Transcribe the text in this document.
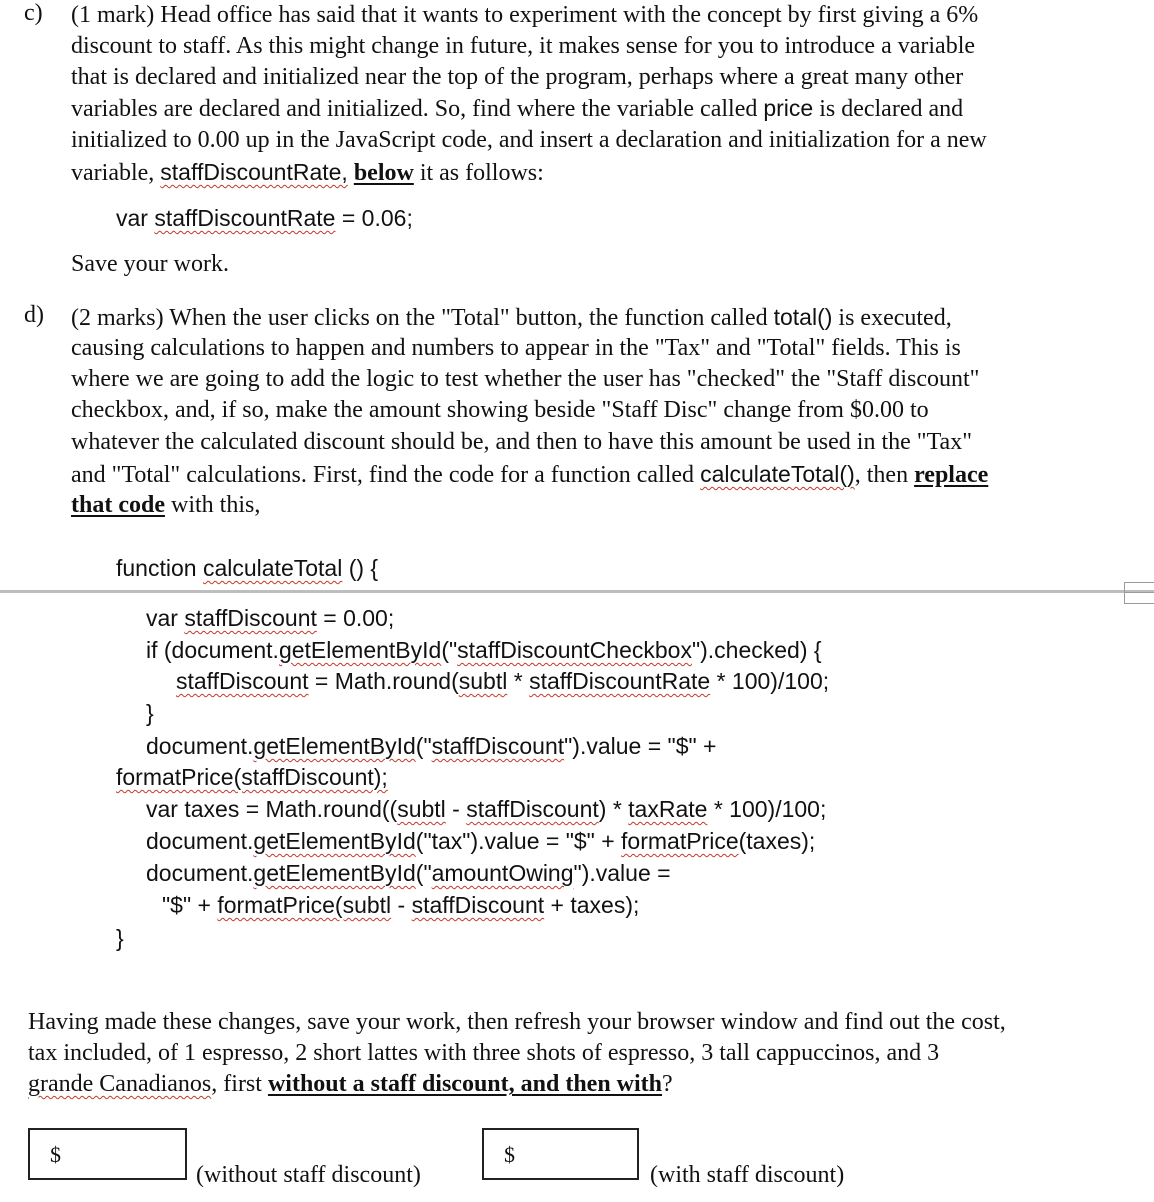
c) (1 mark) Head office has said that it wants to experiment with the concept by first giving a 6%
discount to staff. As this might change in future, it makes sense for you to introduce a variable
that is declared and initialized near the top of the program, perhaps where a great many other
variables are declared and initialized. So, find where the variable called price is declared and
initialized to 0.00 up in the JavaScript code, and insert a declaration and initialization for a new
variable, staffDiscountRate, below it as follows:
var staffDiscountRate = 0.06;
Save your work.
d) (2 marks) When the user clicks on the "Total" button, the function called total() is executed,
causing calculations to happen and numbers to appear in the "Tax" and "Total" fields. This is
where we are going to add the logic to test whether the user has "checked" the "Staff discount"
checkbox, and, if so, make the amount showing beside "Staff Disc" change from $0.00 to
whatever the calculated discount should be, and then to have this amount be used in the "Tax"
and "Total" calculations. First, find the code for a function called calculateTotal(), then replace
that code with this,
function calculateTotal () {
var staffDiscount = 0.00;
if (document.getElementById("staffDiscountCheckbox").checked) {
staffDiscount = Math.round(subtl * staffDiscountRate * 100)/100;
}
document.getElementById("staffDiscount").value = "$" +
formatPrice(staffDiscount);
var taxes = Math.round((subtl - staffDiscount) * taxRate * 100)/100;
document.getElementById("tax").value = "$" + formatPrice(taxes);
document.getElementById("amountOwing").value =
"$" + formatPrice(subtl - staffDiscount + taxes);
}
Having made these changes, save your work, then refresh your browser window and find out the cost,
tax included, of 1 espresso, 2 short lattes with three shots of espresso, 3 tall cappuccinos, and 3
grande Canadianos, first without a staff discount, and then with?
$
(without staff discount)
$
(with staff discount)
